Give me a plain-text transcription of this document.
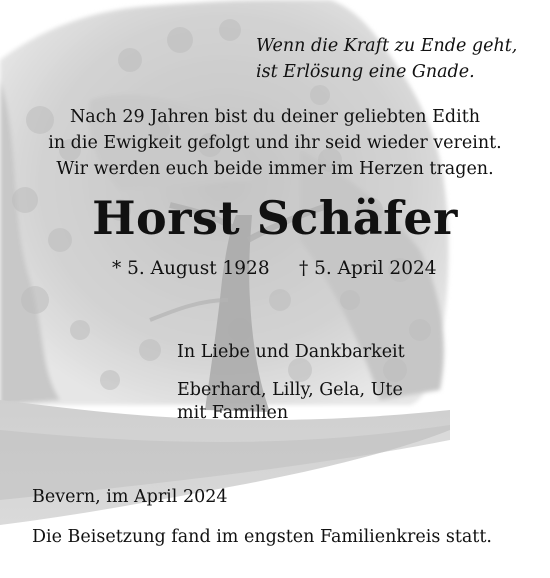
Wenn die Kraft zu Ende geht,
ist Erlösung eine Gnade.
Nach 29 Jahren bist du deiner geliebten Edith
in die Ewigkeit gefolgt und ihr seid wieder vereint.
Wir werden euch beide immer im Herzen tragen.
Horst Schäfer
* 5. August 1928 † 5. April 2024
In Liebe und Dankbarkeit
Eberhard, Lilly, Gela, Ute
mit Familien
Bevern, im April 2024
Die Beisetzung fand im engsten Familienkreis statt.
